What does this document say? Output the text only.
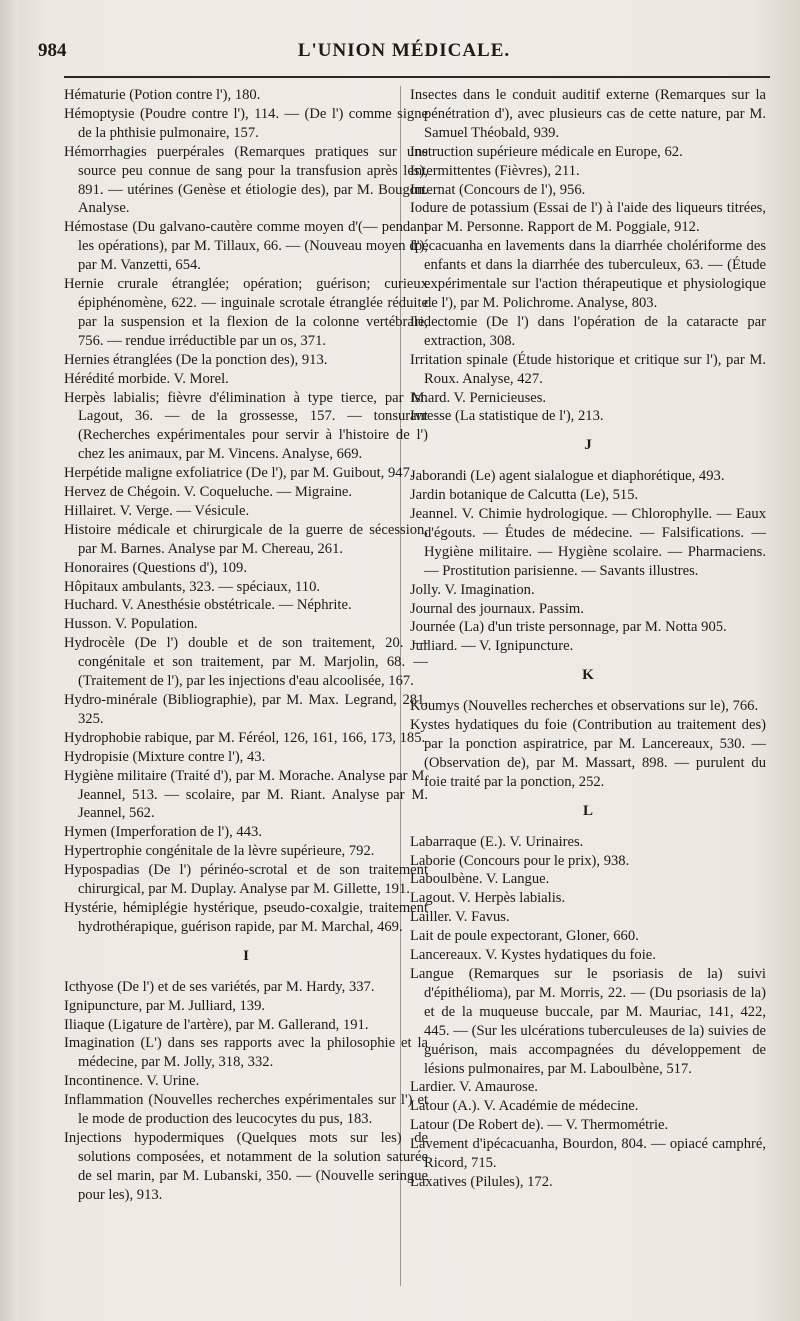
984	L'UNION MÉDICALE.

Hématurie (Potion contre l'), 180.

Hémoptysie (Poudre contre l'), 114. — (De l') comme signe de la phthisie pulmonaire, 157.

Hémorrhagies puerpérales (Remarques pratiques sur une source peu connue de sang pour la transfusion après les), 891. — utérines (Genèse et étiologie des), par M. Bougon. Analyse.

Hémostase (Du galvano-cautère comme moyen d'(— pendant les opérations), par M. Tillaux, 66. — (Nouveau moyen d'), par M. Vanzetti, 654.

Hernie crurale étranglée; opération; guérison; curieux épiphénomène, 622. — inguinale scrotale étranglée réduite par la suspension et la flexion de la colonne vertébrale, 756. — rendue irréductible par un os, 371.

Hernies étranglées (De la ponction des), 913.

Hérédité morbide. V. Morel.

Herpès labialis; fièvre d'élimination à type tierce, par M. Lagout, 36. — de la grossesse, 157. — tonsurant (Recherches expérimentales pour servir à l'histoire de l') chez les animaux, par M. Vincens. Analyse, 669.

Herpétide maligne exfoliatrice (De l'), par M. Guibout, 947.

Hervez de Chégoin. V. Coqueluche. — Migraine.

Hillairet. V. Verge. — Vésicule.

Histoire médicale et chirurgicale de la guerre de sécession, par M. Barnes. Analyse par M. Chereau, 261.

Honoraires (Questions d'), 109.

Hôpitaux ambulants, 323. — spéciaux, 110.

Huchard. V. Anesthésie obstétricale. — Néphrite.

Husson. V. Population.

Hydrocèle (De l') double et de son traitement, 20. — congénitale et son traitement, par M. Marjolin, 68. — (Traitement de l'), par les injections d'eau alcoolisée, 167.

Hydro-minérale (Bibliographie), par M. Max. Legrand, 281, 325.

Hydrophobie rabique, par M. Féréol, 126, 161, 166, 173, 185.

Hydropisie (Mixture contre l'), 43.

Hygiène militaire (Traité d'), par M. Morache. Analyse par M. Jeannel, 513. — scolaire, par M. Riant. Analyse par M. Jeannel, 562.

Hymen (Imperforation de l'), 443.

Hypertrophie congénitale de la lèvre supérieure, 792.

Hypospadias (De l') périnéo-scrotal et de son traitement chirurgical, par M. Duplay. Analyse par M. Gillette, 191.

Hystérie, hémiplégie hystérique, pseudo-coxalgie, traitement hydrothérapique, guérison rapide, par M. Marchal, 469.

I

Icthyose (De l') et de ses variétés, par M. Hardy, 337.

Ignipuncture, par M. Julliard, 139.

Iliaque (Ligature de l'artère), par M. Gallerand, 191.

Imagination (L') dans ses rapports avec la philosophie et la médecine, par M. Jolly, 318, 332.

Incontinence. V. Urine.

Inflammation (Nouvelles recherches expérimentales sur l') et le mode de production des leucocytes du pus, 183.

Injections hypodermiques (Quelques mots sur les) de solutions composées, et notamment de la solution saturée de sel marin, par M. Lubanski, 350. — (Nouvelle seringue pour les), 913.

Insectes dans le conduit auditif externe (Remarques sur la pénétration d'), avec plusieurs cas de cette nature, par M. Samuel Théobald, 939.

Instruction supérieure médicale en Europe, 62.

Intermittentes (Fièvres), 211.

Internat (Concours de l'), 956.

Iodure de potassium (Essai de l') à l'aide des liqueurs titrées, par M. Personne. Rapport de M. Poggiale, 912.

Ipécacuanha en lavements dans la diarrhée cholériforme des enfants et dans la diarrhée des tuberculeux, 63. — (Étude expérimentale sur l'action thérapeutique et physiologique de l'), par M. Polichrome. Analyse, 803.

Iridectomie (De l') dans l'opération de la cataracte par extraction, 308.

Irritation spinale (Étude historique et critique sur l'), par M. Roux. Analyse, 427.

Isnard. V. Pernicieuses.

Ivresse (La statistique de l'), 213.

J

Jaborandi (Le) agent sialalogue et diaphorétique, 493.

Jardin botanique de Calcutta (Le), 515.

Jeannel. V. Chimie hydrologique. — Chlorophylle. — Eaux d'égouts. — Études de médecine. — Falsifications. — Hygiène militaire. — Hygiène scolaire. — Pharmaciens. — Prostitution parisienne. — Savants illustres.

Jolly. V. Imagination.

Journal des journaux. Passim.

Journée (La) d'un triste personnage, par M. Notta 905.

Julliard. — V. Ignipuncture.

K

Koumys (Nouvelles recherches et observations sur le), 766.

Kystes hydatiques du foie (Contribution au traitement des) par la ponction aspiratrice, par M. Lancereaux, 530. — (Observation de), par M. Massart, 898. — purulent du foie traité par la ponction, 252.

L

Labarraque (E.). V. Urinaires.

Laborie (Concours pour le prix), 938.

Laboulbène. V. Langue.

Lagout. V. Herpès labialis.

Lailler. V. Favus.

Lait de poule expectorant, Gloner, 660.

Lancereaux. V. Kystes hydatiques du foie.

Langue (Remarques sur le psoriasis de la) suivi d'épithélioma), par M. Morris, 22. — (Du psoriasis de la) et de la muqueuse buccale, par M. Mauriac, 141, 422, 445. — (Sur les ulcérations tuberculeuses de la) suivies de guérison, mais accompagnées du développement de lésions pulmonaires, par M. Laboulbène, 517.

Lardier. V. Amaurose.

Latour (A.). V. Académie de médecine.

Latour (De Robert de). — V. Thermométrie.

Lavement d'ipécacuanha, Bourdon, 804. — opiacé camphré, Ricord, 715.

Laxatives (Pilules), 172.
